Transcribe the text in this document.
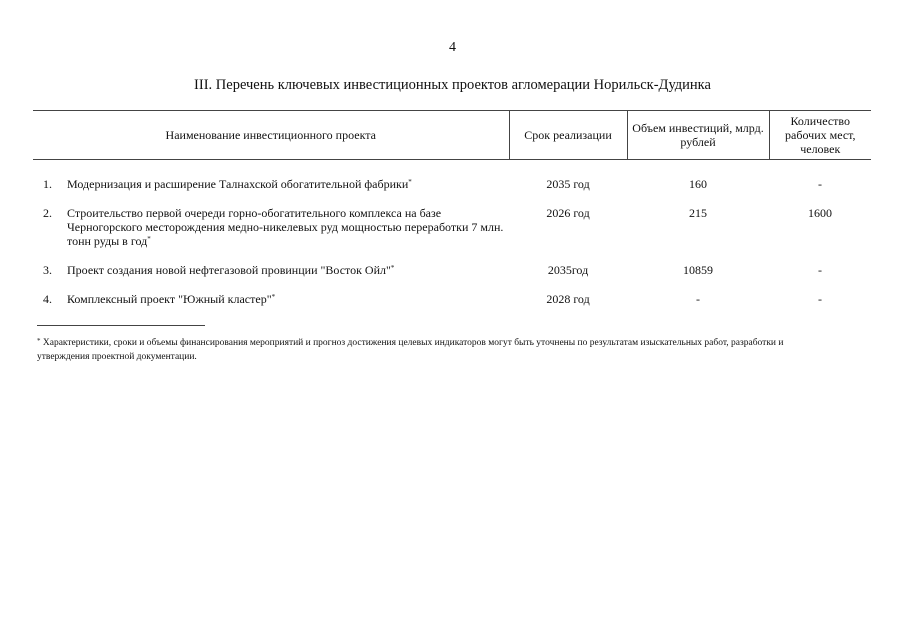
4
III. Перечень ключевых инвестиционных проектов агломерации Норильск-Дудинка
Наименование инвестиционного проекта		Срок реализации	Объем инвестиций, млрд. рублей	Количество рабочих мест, человек
1.	Модернизация и расширение Талнахской обогатительной фабрики*	2035 год	160	-
2.	Строительство первой очереди горно-обогатительного комплекса на базе Черногорского месторождения медно-никелевых руд мощностью переработки 7 млн. тонн руды в год*	2026 год	215	1600
3.	Проект создания новой нефтегазовой провинции "Восток Ойл"*	2035год	10859	-
4.	Комплексный проект "Южный кластер"*	2028 год	-	-
* Характеристики, сроки и объемы финансирования мероприятий и прогноз достижения целевых индикаторов могут быть уточнены по результатам изыскательных работ, разработки и утверждения проектной документации.
